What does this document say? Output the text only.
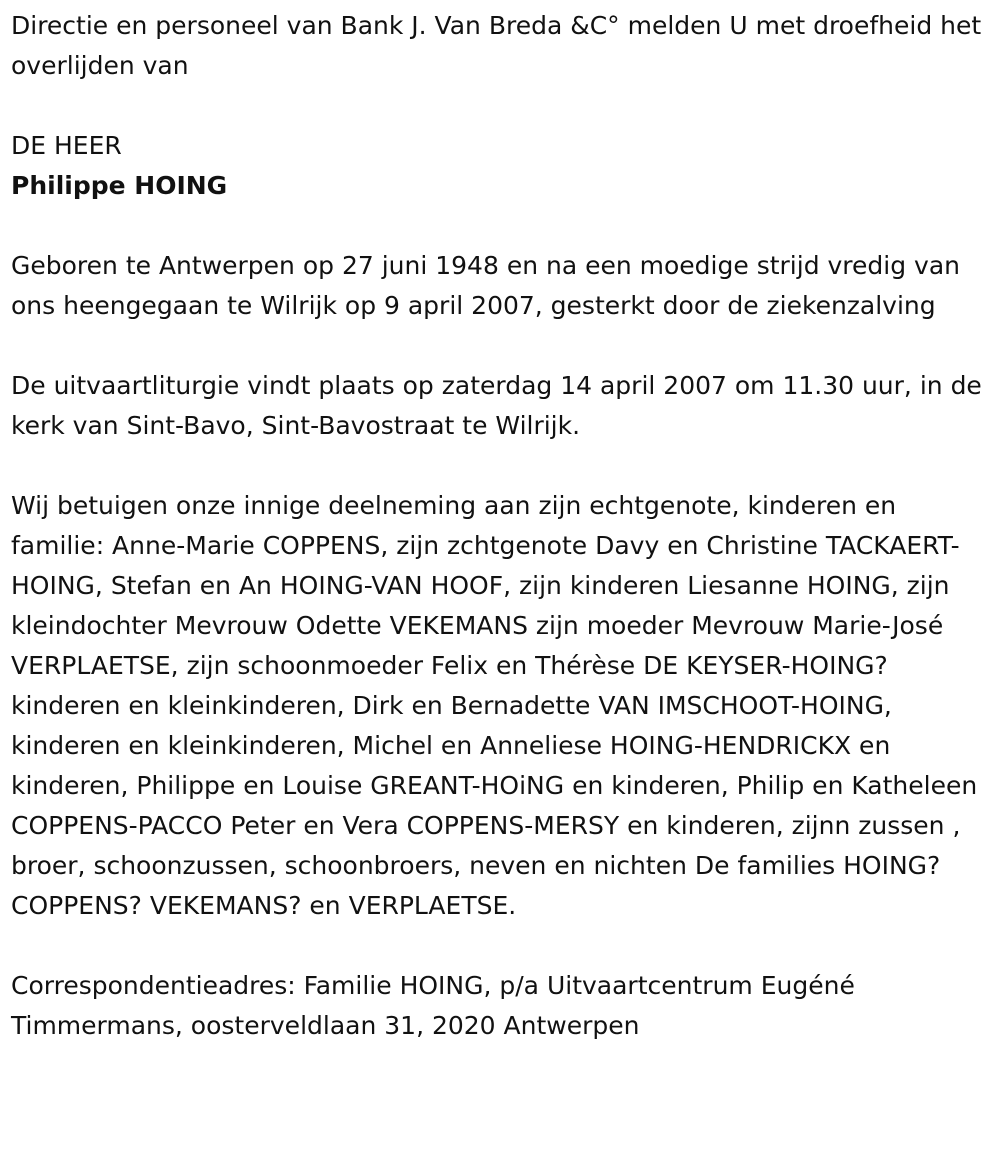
Directie en personeel van Bank J. Van Breda &C° melden U met droefheid het overlijden van

DE HEER

Philippe HOING

Geboren te Antwerpen op 27 juni 1948 en na een moedige strijd vredig van ons heengegaan te Wilrijk op 9 april 2007, gesterkt door de ziekenzalving

De uitvaartliturgie vindt plaats op zaterdag 14 april 2007 om 11.30 uur, in de kerk van Sint-Bavo, Sint-Bavostraat te Wilrijk.

Wij betuigen onze innige deelneming aan zijn echtgenote, kinderen en familie: Anne-Marie COPPENS, zijn zchtgenote Davy en Christine TACKAERT-HOING, Stefan en An HOING-VAN HOOF, zijn kinderen Liesanne HOING, zijn kleindochter Mevrouw Odette VEKEMANS zijn moeder Mevrouw Marie-José VERPLAETSE, zijn schoonmoeder Felix en Thérèse DE KEYSER-HOING? kinderen en kleinkinderen, Dirk en Bernadette VAN IMSCHOOT-HOING, kinderen en kleinkinderen, Michel en Anneliese HOING-HENDRICKX en kinderen, Philippe en Louise GREANT-HOiNG en kinderen, Philip en Katheleen COPPENS-PACCO Peter en Vera COPPENS-MERSY en kinderen, zijnn zussen , broer, schoonzussen, schoonbroers, neven en nichten De families HOING? COPPENS? VEKEMANS? en VERPLAETSE.

Correspondentieadres: Familie HOING, p/a Uitvaartcentrum Eugéné Timmermans, oosterveldlaan 31, 2020 Antwerpen
